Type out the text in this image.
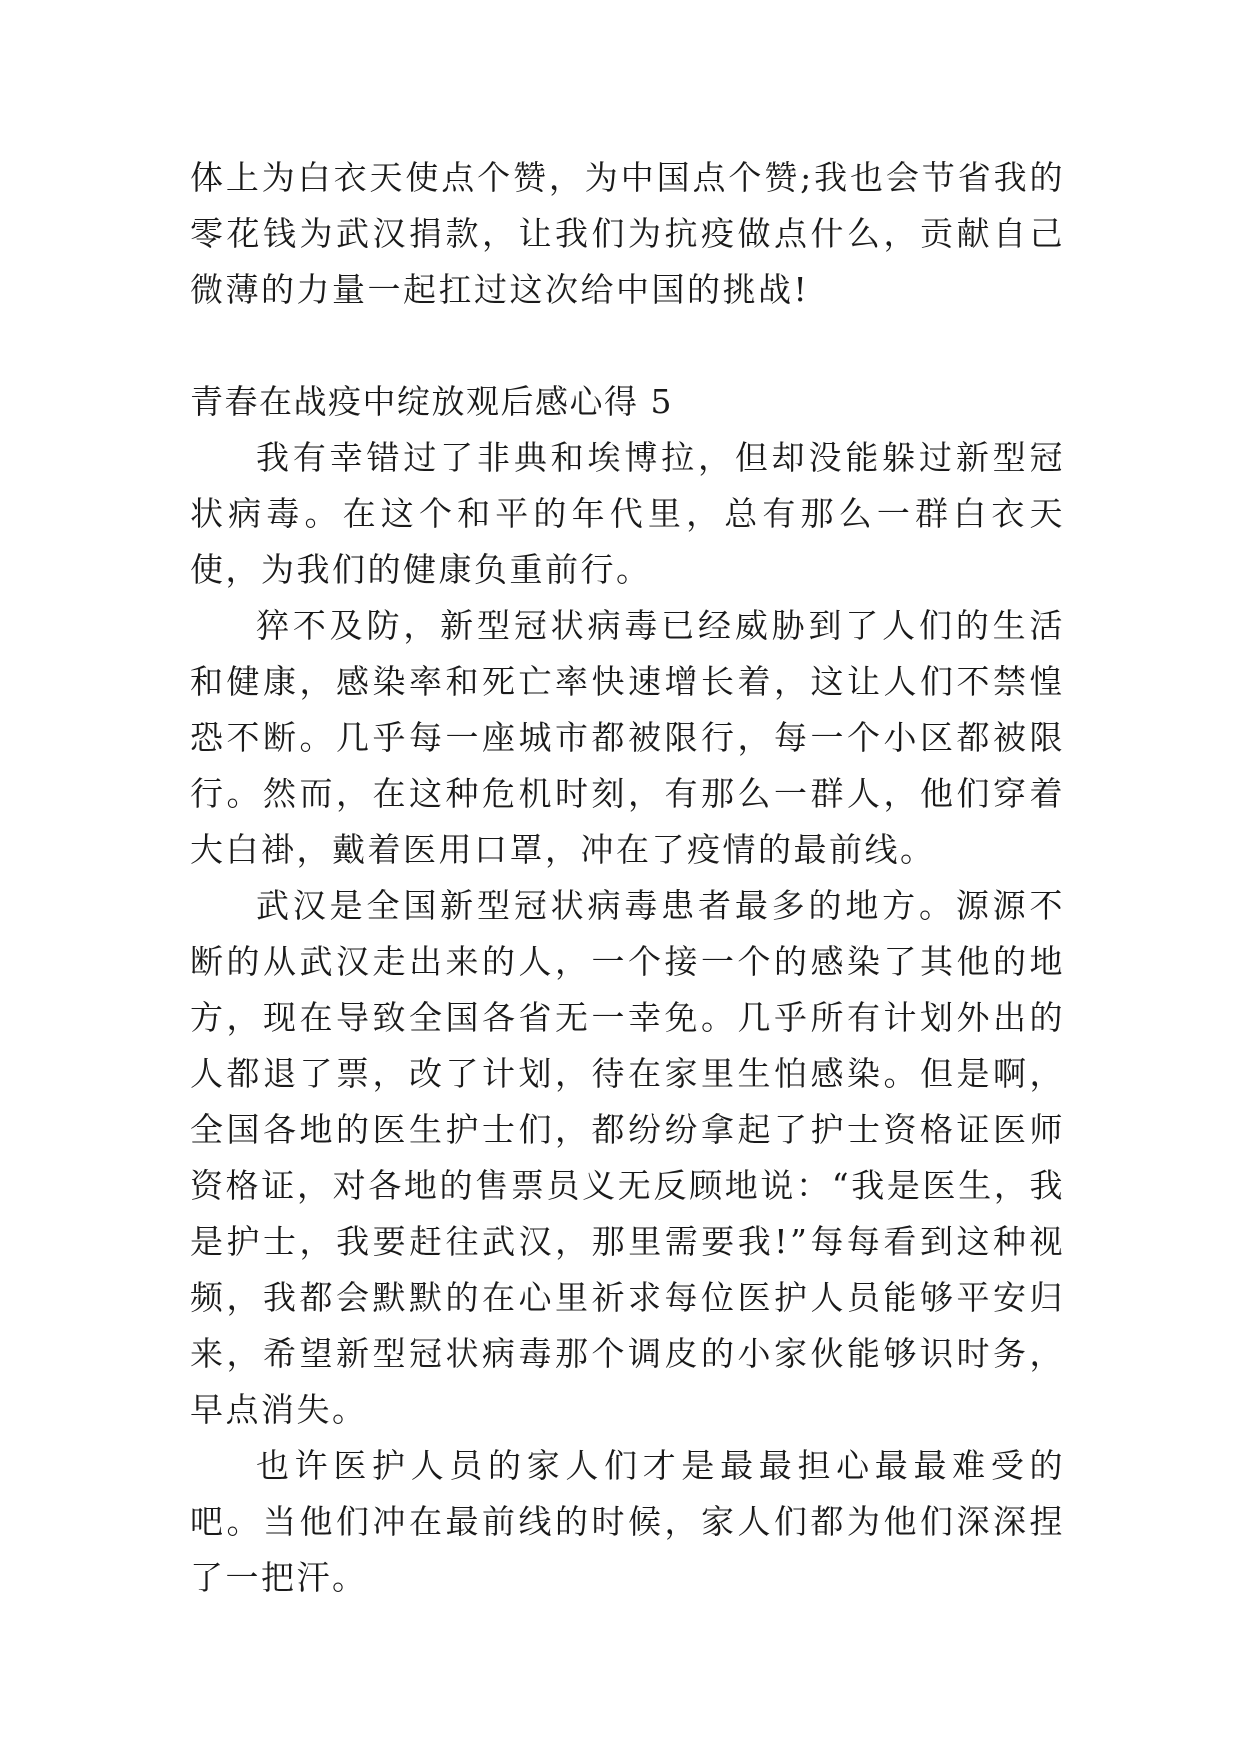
体上为白衣天使点个赞，为中国点个赞;我也会节省我的零花钱为武汉捐款，让我们为抗疫做点什么，贡献自己微薄的力量一起扛过这次给中国的挑战!

青春在战疫中绽放观后感心得 5

我有幸错过了非典和埃博拉，但却没能躲过新型冠状病毒。在这个和平的年代里，总有那么一群白衣天使，为我们的健康负重前行。

猝不及防，新型冠状病毒已经威胁到了人们的生活和健康，感染率和死亡率快速增长着，这让人们不禁惶恐不断。几乎每一座城市都被限行，每一个小区都被限行。然而，在这种危机时刻，有那么一群人，他们穿着大白褂，戴着医用口罩，冲在了疫情的最前线。

武汉是全国新型冠状病毒患者最多的地方。源源不断的从武汉走出来的人，一个接一个的感染了其他的地方，现在导致全国各省无一幸免。几乎所有计划外出的人都退了票，改了计划，待在家里生怕感染。但是啊，全国各地的医生护士们，都纷纷拿起了护士资格证医师资格证，对各地的售票员义无反顾地说：“我是医生，我是护士，我要赶往武汉，那里需要我!”每每看到这种视频，我都会默默的在心里祈求每位医护人员能够平安归来，希望新型冠状病毒那个调皮的小家伙能够识时务，早点消失。

也许医护人员的家人们才是最最担心最最难受的吧。当他们冲在最前线的时候，家人们都为他们深深捏了一把汗。
